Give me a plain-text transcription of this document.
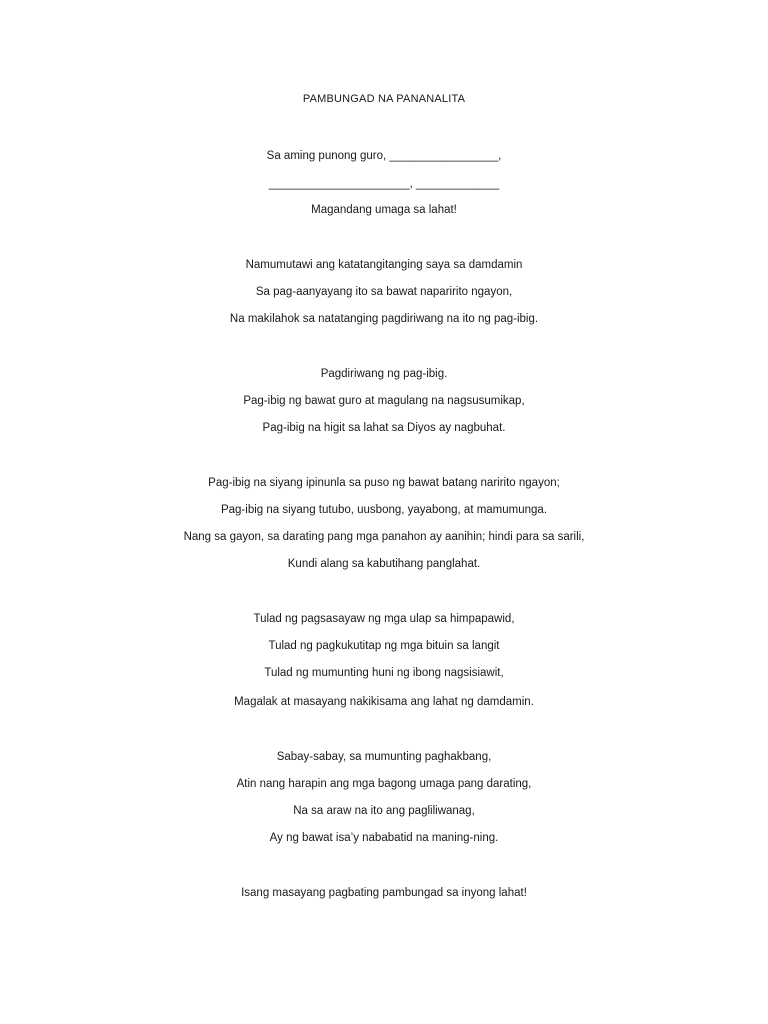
PAMBUNGAD NA PANANALITA
Sa aming punong guro, _________________,
______________________, _____________
Magandang umaga sa lahat!
Namumutawi ang katatangitanging saya sa damdamin
Sa pag-aanyayang ito sa bawat naparirito ngayon,
Na makilahok sa natatanging pagdiriwang na ito ng pag-ibig.
Pagdiriwang ng pag-ibig.
Pag-ibig ng bawat guro at magulang na nagsusumikap,
Pag-ibig na higit sa lahat sa Diyos ay nagbuhat.
Pag-ibig na siyang ipinunla sa puso ng bawat batang naririto ngayon;
Pag-ibig na siyang tutubo, uusbong, yayabong, at mamumunga.
Nang sa gayon, sa darating pang mga panahon ay aanihin; hindi para sa sarili,
Kundi alang sa kabutihang panglahat.
Tulad ng pagsasayaw ng mga ulap sa himpapawid,
Tulad ng pagkukutitap ng mga bituin sa langit
Tulad ng mumunting huni ng ibong nagsisiawit,
Magalak at masayang nakikisama ang lahat ng damdamin.
Sabay-sabay, sa mumunting paghakbang,
Atin nang harapin ang mga bagong umaga pang darating,
Na sa araw na ito ang pagliliwanag,
Ay ng bawat isa’y nababatid na maning-ning.
Isang masayang pagbating pambungad sa inyong lahat!
